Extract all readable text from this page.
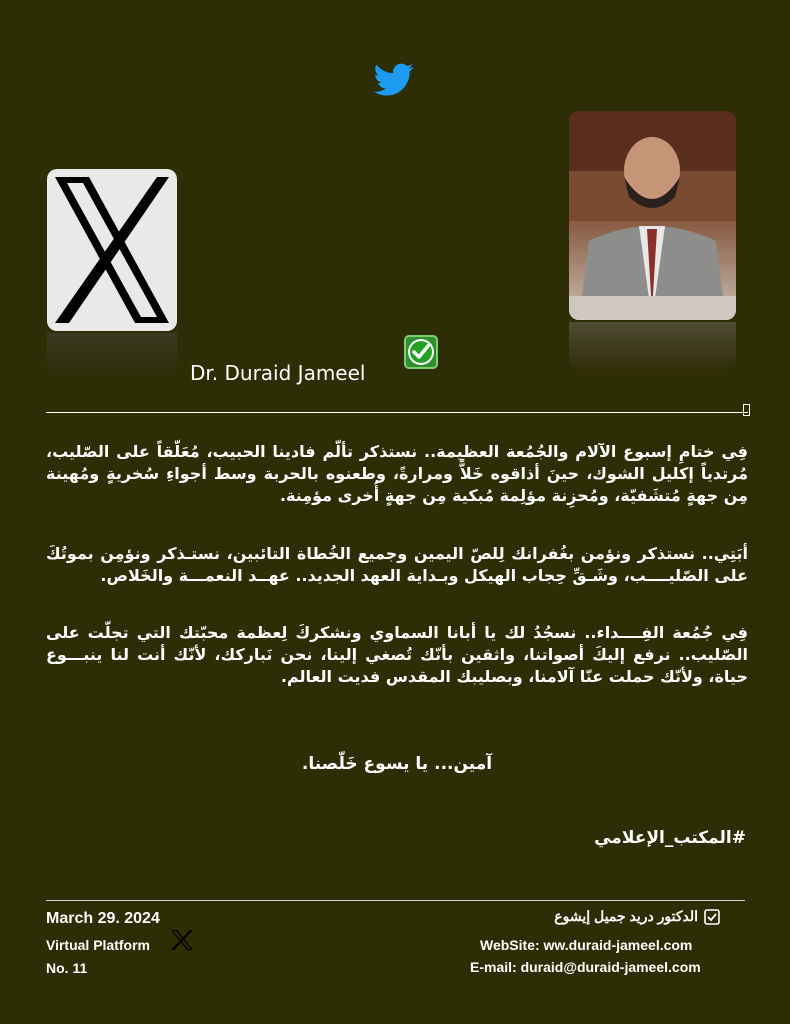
Dr. Duraid Jameel
فِي ختامِ إسبوع الآلام والجُمُعة العظيمة.. نستذكر تألّم فادينا الحبيب، مُعَلّقاً على الصّليب، مُرتدياً إكليل الشوك، حينَ أذاقوه خَلاًّ ومرارةً، وطعنوه بالحربة وسط أجواءِ سُخريةٍ ومُهينة مِن جهةٍ مُتشَفيّة، ومُحزِنة مؤلِمة مُبكية مِن جهةٍ أُخرى مؤمِنة.
أبَتِي.. نستذكر ونؤمن بغُفرانك لِلصّ اليمين وجميع الخُطاة التائبين، نستـذكر ونؤمِن بموتُكَ على الصّليــــب، وشَـقِّ حِجاب الهيكل وبـداية العهد الجديد.. عهــد النعمـــة والخَلاص.
فِي جُمُعة الفِــــداء.. نسجُدُ لك يا أبانا السماوي ونشكركَ لِعظمة محبّتك التي تجلّت على الصّليب.. نرفع إليكَ أصواتنا، واثقين بأنّك تُصغي إلينا، نحن نَباركك، لأنّك أنت لنا ينبـــوع حياة، ولأنّك حملت عنّا آلامنا، وبصليبك المقدس فديت العالم.
آمين... يا يسوع خَلّصنا.
#المكتب_الإعلامي
March 29. 2024
Virtual Platform
No. 11
الدكتور دريد جميل إيشوع
WebSite: ww.duraid-jameel.com
E-mail: duraid@duraid-jameel.com
